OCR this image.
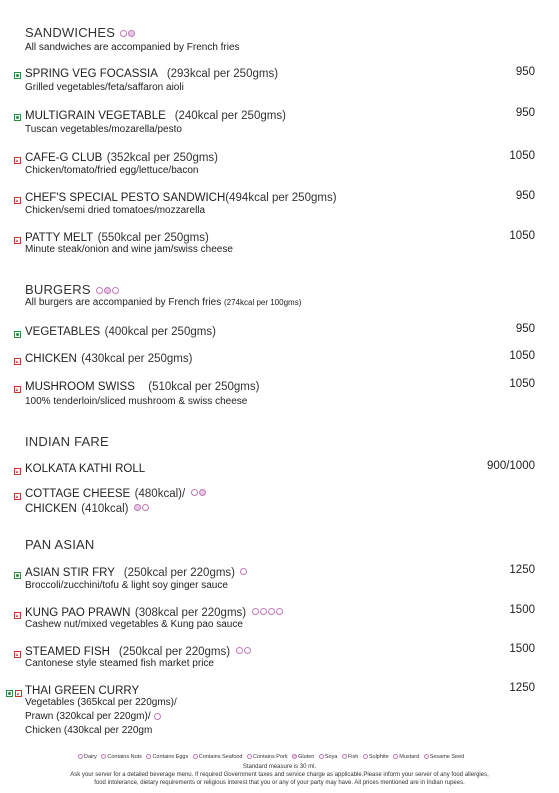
SANDWICHES
All sandwiches are accompanied by French fries
SPRING VEG FOCASSIA (293kcal per 250gms)
Grilled vegetables/feta/saffaron aioli
950
MULTIGRAIN VEGETABLE (240kcal per 250gms)
Tuscan vegetables/mozarella/pesto
950
CAFE-G CLUB (352kcal per 250gms)
Chicken/tomato/fried egg/lettuce/bacon
1050
CHEF'S SPECIAL PESTO SANDWICH(494kcal per 250gms)
Chicken/semi dried tomatoes/mozzarella
950
PATTY MELT (550kcal per 250gms)
Minute steak/onion and wine jam/swiss cheese
1050
BURGERS
All burgers are accompanied by French fries (274kcal per 100gms)
VEGETABLES (400kcal per 250gms)	950
CHICKEN (430kcal per 250gms)	1050
MUSHROOM SWISS (510kcal per 250gms)
100% tenderloin/sliced mushroom & swiss cheese
1050
INDIAN FARE
KOLKATA KATHI ROLL	900/1000
COTTAGE CHEESE (480kcal)/
CHICKEN (410kcal)
PAN ASIAN
ASIAN STIR FRY (250kcal per 220gms)
Broccoli/zucchini/tofu & light soy ginger sauce
1250
KUNG PAO PRAWN (308kcal per 220gms)
Cashew nut/mixed vegetables & Kung pao sauce
1500
STEAMED FISH (250kcal per 220gms)
Cantonese style steamed fish market price
1500
THAI GREEN CURRY
Vegetables (365kcal per 220gms)/
Prawn (320kcal per 220gm)/
Chicken (430kcal per 220gm
1250
Dairy Contains Nuts Contains Eggs Contains Seafood Contains Pork Gluten Soya Fish Sulphite Mustard Sesame Seed
Standard measure is 30 ml.
Ask your server for a detailed beverage menu. If required Government taxes and service charge as applicable.Please inform your server of any food allergies,
food intolerance, dietary requirements or religious interest that you or any of your party may have. All prices mentioned are in Indian rupees.
